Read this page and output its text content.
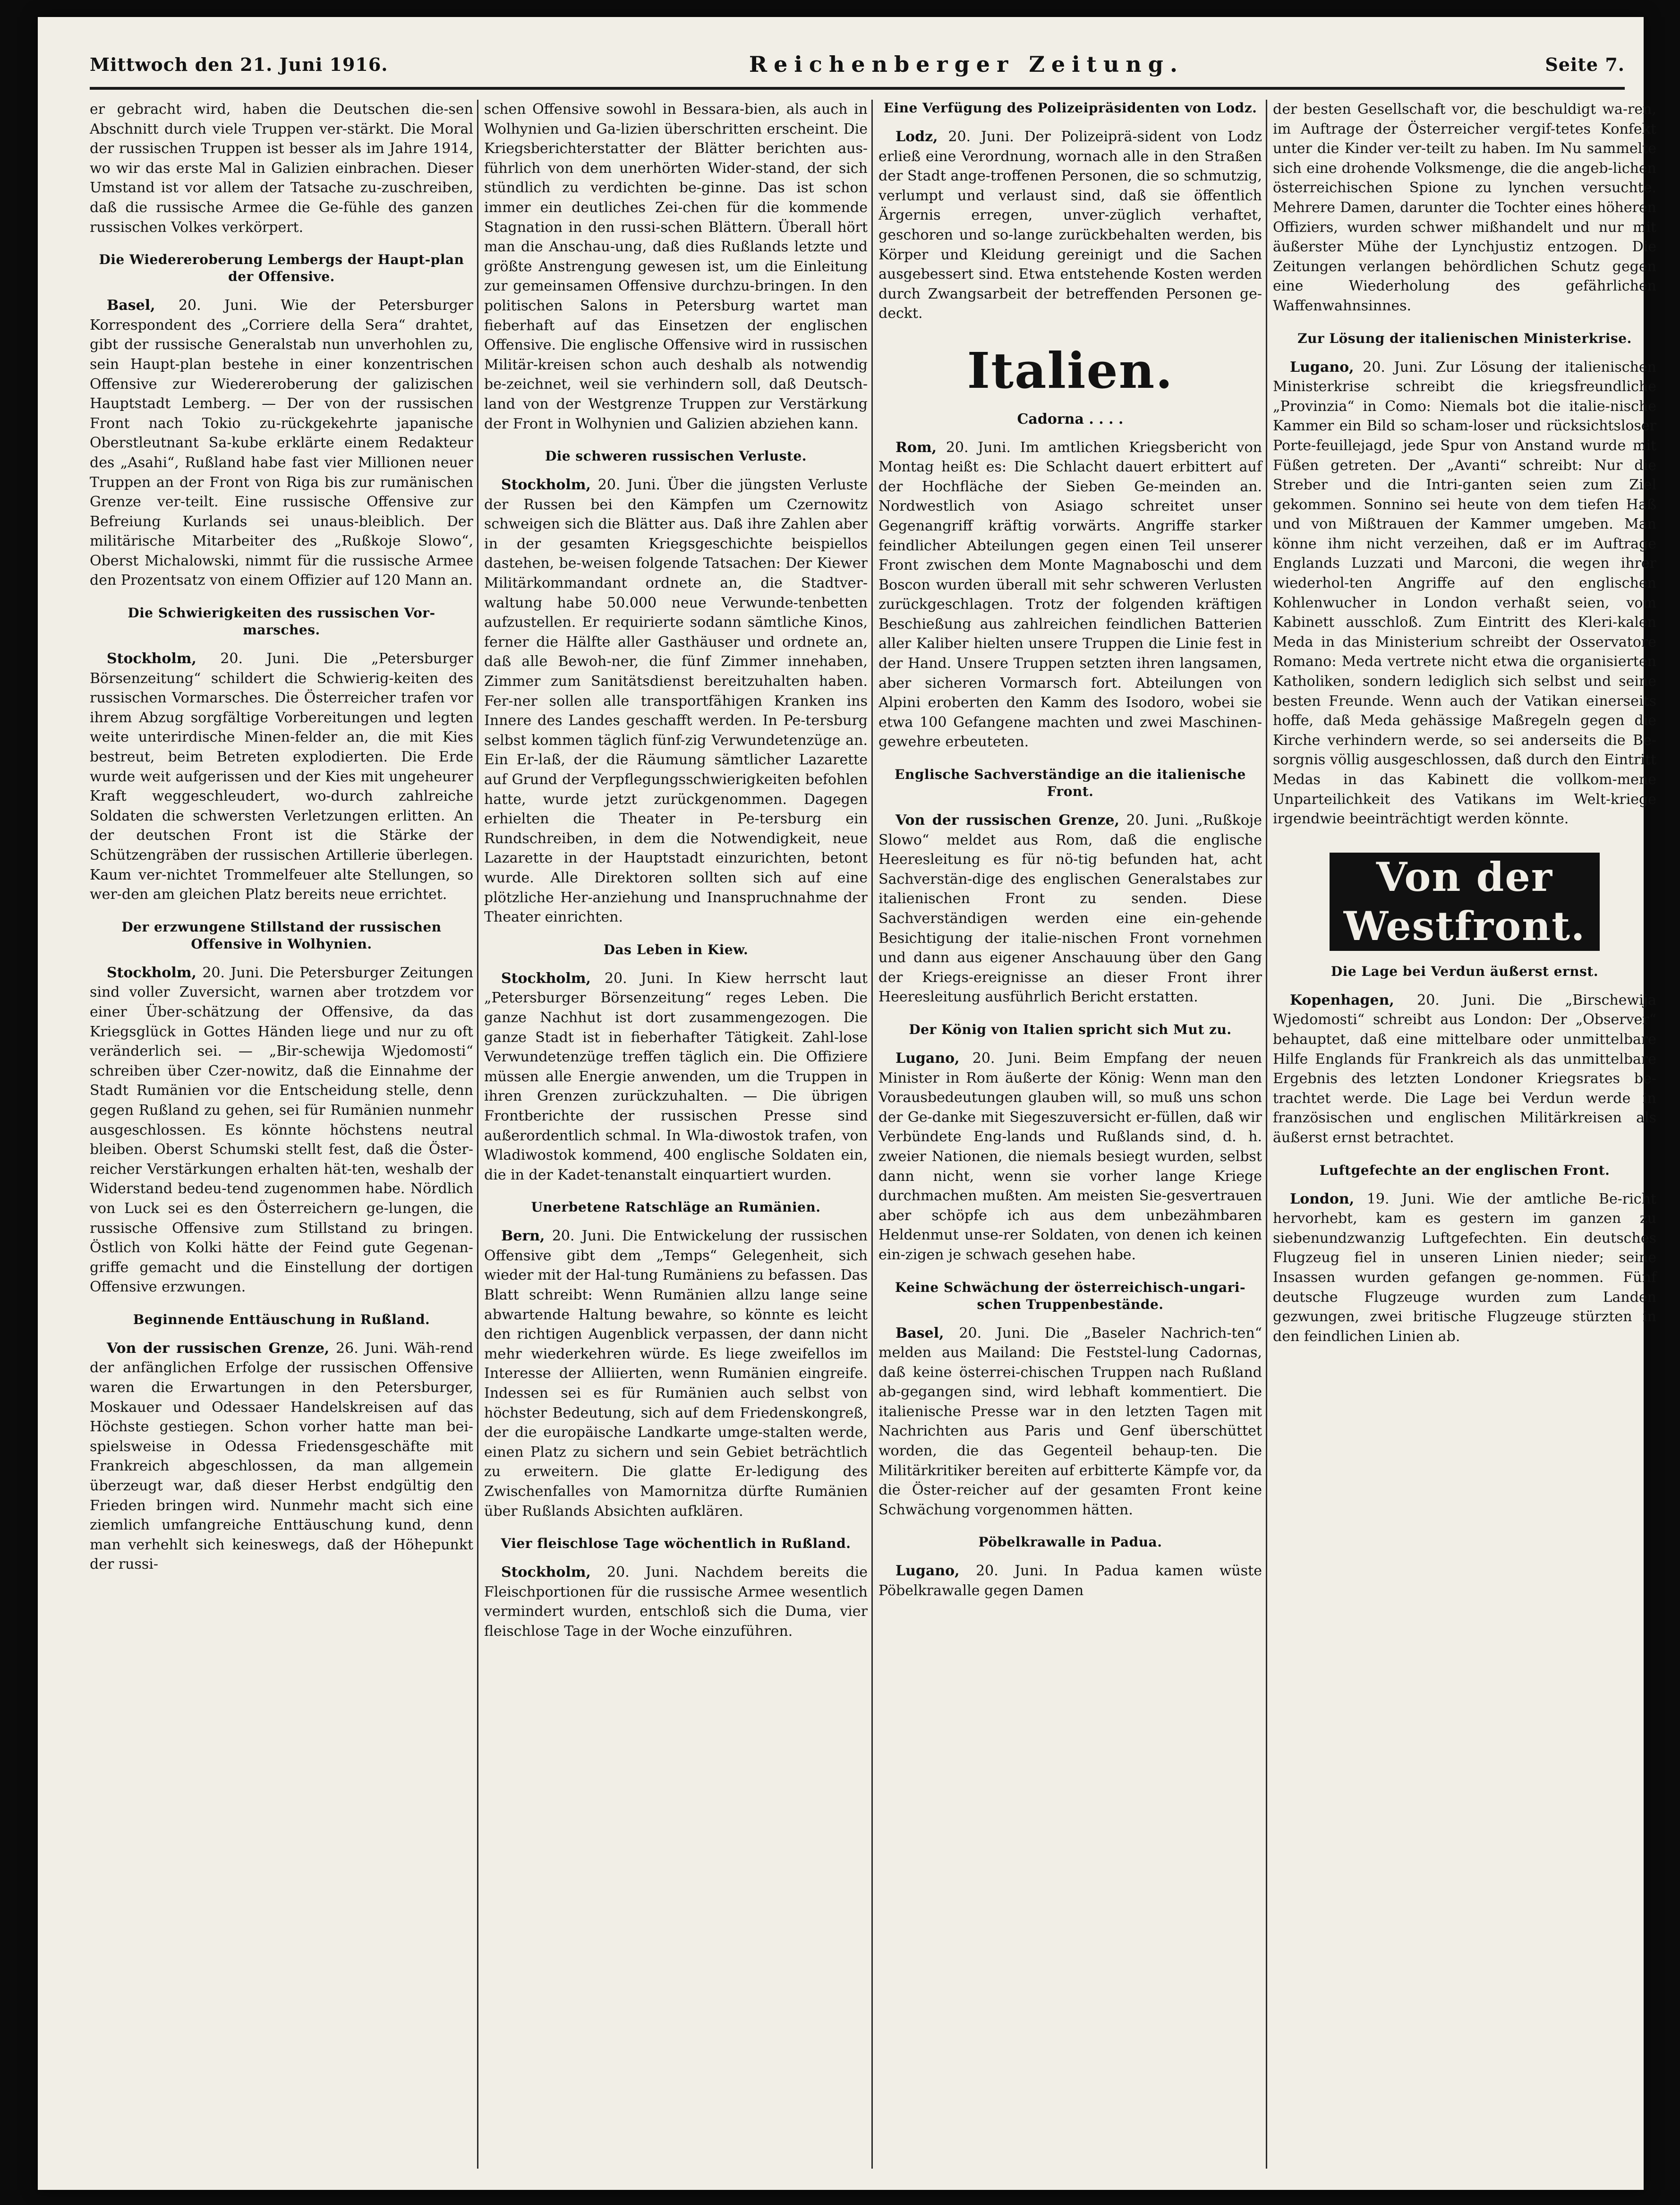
Mittwoch den 21. Juni 1916.	Reichenberger Zeitung.	Seite 7.

er gebracht wird, haben die Deutschen die-sen Abschnitt durch viele Truppen ver-stärkt. Die Moral der russischen Truppen ist besser als im Jahre 1914, wo wir das erste Mal in Galizien einbrachen. Dieser Umstand ist vor allem der Tatsache zu-zuschreiben, daß die russische Armee die Ge-fühle des ganzen russischen Volkes verkörpert.

Die Wiedereroberung Lembergs der Haupt-plan der Offensive.

Basel, 20. Juni. Wie der Petersburger Korrespondent des „Corriere della Sera“ drahtet, gibt der russische Generalstab nun unverhohlen zu, sein Haupt-plan bestehe in einer konzentrischen Offensive zur Wiedereroberung der galizischen Hauptstadt Lemberg. — Der von der russischen Front nach Tokio zu-rückgekehrte japanische Oberstleutnant Sa-kube erklärte einem Redakteur des „Asahi“, Rußland habe fast vier Millionen neuer Truppen an der Front von Riga bis zur rumänischen Grenze ver-teilt. Eine russische Offensive zur Befreiung Kurlands sei unaus-bleiblich. Der militärische Mitarbeiter des „Rußkoje Slowo“, Oberst Michalowski, nimmt für die russische Armee den Prozentsatz von einem Offizier auf 120 Mann an.

Die Schwierigkeiten des russischen Vor-marsches.

Stockholm, 20. Juni. Die „Petersburger Börsenzeitung“ schildert die Schwierig-keiten des russischen Vormarsches. Die Österreicher trafen vor ihrem Abzug sorgfältige Vorbereitungen und legten weite unterirdische Minen-felder an, die mit Kies bestreut, beim Betreten explodierten. Die Erde wurde weit aufgerissen und der Kies mit ungeheurer Kraft weggeschleudert, wo-durch zahlreiche Soldaten die schwersten Verletzungen erlitten. An der deutschen Front ist die Stärke der Schützengräben der russischen Artillerie überlegen. Kaum ver-nichtet Trommelfeuer alte Stellungen, so wer-den am gleichen Platz bereits neue errichtet.

Der erzwungene Stillstand der russischen Offensive in Wolhynien.

Stockholm, 20. Juni. Die Petersburger Zeitungen sind voller Zuversicht, warnen aber trotzdem vor einer Über-schätzung der Offensive, da das Kriegsglück in Gottes Händen liege und nur zu oft veränderlich sei. — „Bir-schewija Wjedomosti“ schreiben über Czer-nowitz, daß die Einnahme der Stadt Rumänien vor die Entscheidung stelle, denn gegen Rußland zu gehen, sei für Rumänien nunmehr ausgeschlossen. Es könnte höchstens neutral bleiben. Oberst Schumski stellt fest, daß die Öster-reicher Verstärkungen erhalten hät-ten, weshalb der Widerstand bedeu-tend zugenommen habe. Nördlich von Luck sei es den Österreichern ge-lungen, die russische Offensive zum Stillstand zu bringen. Östlich von Kolki hätte der Feind gute Gegenan-griffe gemacht und die Einstellung der dortigen Offensive erzwungen.

Beginnende Enttäuschung in Rußland.

Von der russischen Grenze, 26. Juni. Wäh-rend der anfänglichen Erfolge der russischen Offensive waren die Erwartungen in den Petersburger, Moskauer und Odessaer Handelskreisen auf das Höchste gestiegen. Schon vorher hatte man bei-spielsweise in Odessa Friedensgeschäfte mit Frankreich abgeschlossen, da man allgemein überzeugt war, daß dieser Herbst endgültig den Frieden bringen wird. Nunmehr macht sich eine ziemlich umfangreiche Enttäuschung kund, denn man verhehlt sich keineswegs, daß der Höhepunkt der russi-

schen Offensive sowohl in Bessara-bien, als auch in Wolhynien und Ga-lizien überschritten erscheint. Die Kriegsberichterstatter der Blätter berichten aus-führlich von dem unerhörten Wider-stand, der sich stündlich zu verdichten be-ginne. Das ist schon immer ein deutliches Zei-chen für die kommende Stagnation in den russi-schen Blättern. Überall hört man die Anschau-ung, daß dies Rußlands letzte und größte Anstrengung gewesen ist, um die Einleitung zur gemeinsamen Offensive durchzu-bringen. In den politischen Salons in Petersburg wartet man fieberhaft auf das Einsetzen der englischen Offensive. Die englische Offensive wird in russischen Militär-kreisen schon auch deshalb als notwendig be-zeichnet, weil sie verhindern soll, daß Deutsch-land von der Westgrenze Truppen zur Verstärkung der Front in Wolhynien und Galizien abziehen kann.

Die schweren russischen Verluste.

Stockholm, 20. Juni. Über die jüngsten Verluste der Russen bei den Kämpfen um Czernowitz schweigen sich die Blätter aus. Daß ihre Zahlen aber in der gesamten Kriegsgeschichte beispiellos dastehen, be-weisen folgende Tatsachen: Der Kiewer Militärkommandant ordnete an, die Stadtver-waltung habe 50.000 neue Verwunde-tenbetten aufzustellen. Er requirierte sodann sämtliche Kinos, ferner die Hälfte aller Gasthäuser und ordnete an, daß alle Bewoh-ner, die fünf Zimmer innehaben, Zimmer zum Sanitätsdienst bereitzuhalten haben. Fer-ner sollen alle transportfähigen Kranken ins Innere des Landes geschafft werden. In Pe-tersburg selbst kommen täglich fünf-zig Verwundetenzüge an. Ein Er-laß, der die Räumung sämtlicher Lazarette auf Grund der Verpflegungsschwierigkeiten befohlen hatte, wurde jetzt zurückgenommen. Dagegen erhielten die Theater in Pe-tersburg ein Rundschreiben, in dem die Notwendigkeit, neue Lazarette in der Hauptstadt einzurichten, betont wurde. Alle Direktoren sollten sich auf eine plötzliche Her-anziehung und Inanspruchnahme der Theater einrichten.

Das Leben in Kiew.

Stockholm, 20. Juni. In Kiew herrscht laut „Petersburger Börsenzeitung“ reges Leben. Die ganze Nachhut ist dort zusammengezogen. Die ganze Stadt ist in fieberhafter Tätigkeit. Zahl-lose Verwundetenzüge treffen täglich ein. Die Offiziere müssen alle Energie anwenden, um die Truppen in ihren Grenzen zurückzuhalten. — Die übrigen Frontberichte der russischen Presse sind außerordentlich schmal. In Wla-diwostok trafen, von Wladiwostok kommend, 400 englische Soldaten ein, die in der Kadet-tenanstalt einquartiert wurden.

Unerbetene Ratschläge an Rumänien.

Bern, 20. Juni. Die Entwickelung der russischen Offensive gibt dem „Temps“ Gelegenheit, sich wieder mit der Hal-tung Rumäniens zu befassen. Das Blatt schreibt: Wenn Rumänien allzu lange seine abwartende Haltung bewahre, so könnte es leicht den richtigen Augenblick verpassen, der dann nicht mehr wiederkehren würde. Es liege zweifellos im Interesse der Alliierten, wenn Rumänien eingreife. Indessen sei es für Rumänien auch selbst von höchster Bedeutung, sich auf dem Friedenskongreß, der die europäische Landkarte umge-stalten werde, einen Platz zu sichern und sein Gebiet beträchtlich zu erweitern. Die glatte Er-ledigung des Zwischenfalles von Mamornitza dürfte Rumänien über Rußlands Absichten aufklären.

Vier fleischlose Tage wöchentlich in Rußland.

Stockholm, 20. Juni. Nachdem bereits die Fleischportionen für die russische Armee wesentlich vermindert wurden, entschloß sich die Duma, vier fleischlose Tage in der Woche einzuführen.

Eine Verfügung des Polizeipräsidenten von Lodz.

Lodz, 20. Juni. Der Polizeiprä-sident von Lodz erließ eine Verordnung, wornach alle in den Straßen der Stadt ange-troffenen Personen, die so schmutzig, verlumpt und verlaust sind, daß sie öffentlich Ärgernis erregen, unver-züglich verhaftet, geschoren und so-lange zurückbehalten werden, bis Körper und Kleidung gereinigt und die Sachen ausgebessert sind. Etwa entstehende Kosten werden durch Zwangsarbeit der betreffenden Personen ge-deckt.

Italien.
Cadorna . . . .

Rom, 20. Juni. Im amtlichen Kriegsbericht von Montag heißt es: Die Schlacht dauert erbittert auf der Hochfläche der Sieben Ge-meinden an. Nordwestlich von Asiago schreitet unser Gegenangriff kräftig vorwärts. Angriffe starker feindlicher Abteilungen gegen einen Teil unserer Front zwischen dem Monte Magnaboschi und dem Boscon wurden überall mit sehr schweren Verlusten zurückgeschlagen. Trotz der folgenden kräftigen Beschießung aus zahlreichen feindlichen Batterien aller Kaliber hielten unsere Truppen die Linie fest in der Hand. Unsere Truppen setzten ihren langsamen, aber sicheren Vormarsch fort. Abteilungen von Alpini eroberten den Kamm des Isodoro, wobei sie etwa 100 Gefangene machten und zwei Maschinen-gewehre erbeuteten.

Englische Sachverständige an die italienische Front.

Von der russischen Grenze, 20. Juni. „Rußkoje Slowo“ meldet aus Rom, daß die englische Heeresleitung es für nö-tig befunden hat, acht Sachverstän-dige des englischen Generalstabes zur italienischen Front zu senden. Diese Sachverständigen werden eine ein-gehende Besichtigung der italie-nischen Front vornehmen und dann aus eigener Anschauung über den Gang der Kriegs-ereignisse an dieser Front ihrer Heeresleitung ausführlich Bericht erstatten.

Der König von Italien spricht sich Mut zu.

Lugano, 20. Juni. Beim Empfang der neuen Minister in Rom äußerte der König: Wenn man den Vorausbedeutungen glauben will, so muß uns schon der Ge-danke mit Siegeszuversicht er-füllen, daß wir Verbündete Eng-lands und Rußlands sind, d. h. zweier Nationen, die niemals besiegt wurden, selbst dann nicht, wenn sie vorher lange Kriege durchmachen mußten. Am meisten Sie-gesvertrauen aber schöpfe ich aus dem unbezähmbaren Heldenmut unse-rer Soldaten, von denen ich keinen ein-zigen je schwach gesehen habe.

Keine Schwächung der österreichisch-ungari-schen Truppenbestände.

Basel, 20. Juni. Die „Baseler Nachrich-ten“ melden aus Mailand: Die Feststel-lung Cadornas, daß keine österrei-chischen Truppen nach Rußland ab-gegangen sind, wird lebhaft kommentiert. Die italienische Presse war in den letzten Tagen mit Nachrichten aus Paris und Genf überschüttet worden, die das Gegenteil behaup-ten. Die Militärkritiker bereiten auf erbitterte Kämpfe vor, da die Öster-reicher auf der gesamten Front keine Schwächung vorgenommen hätten.

Pöbelkrawalle in Padua.

Lugano, 20. Juni. In Padua kamen wüste Pöbelkrawalle gegen Damen

der besten Gesellschaft vor, die beschuldigt wa-ren, im Auftrage der Österreicher vergif-tetes Konfekt unter die Kinder ver-teilt zu haben. Im Nu sammelte sich eine drohende Volksmenge, die die angeb-lichen österreichischen Spione zu lynchen versuchte. Mehrere Damen, darunter die Tochter eines höheren Offiziers, wurden schwer mißhandelt und nur mit äußerster Mühe der Lynchjustiz entzogen. Die Zeitungen verlangen behördlichen Schutz gegen eine Wiederholung des gefährlichen Waffenwahnsinnes.

Zur Lösung der italienischen Ministerkrise.

Lugano, 20. Juni. Zur Lösung der italienischen Ministerkrise schreibt die kriegsfreundliche „Provinzia“ in Como: Niemals bot die italie-nische Kammer ein Bild so scham-loser und rücksichtsloser Porte-feuillejagd, jede Spur von Anstand wurde mit Füßen getreten. Der „Avanti“ schreibt: Nur die Streber und die Intri-ganten seien zum Ziel gekommen. Sonnino sei heute von dem tiefen Haß und von Mißtrauen der Kammer umgeben. Man könne ihm nicht verzeihen, daß er im Auftrage Englands Luzzati und Marconi, die wegen ihrer wiederhol-ten Angriffe auf den englischen Kohlenwucher in London verhaßt seien, vom Kabinett ausschloß. Zum Eintritt des Kleri-kalen Meda in das Ministerium schreibt der Osservatore Romano: Meda vertrete nicht etwa die organisierten Katholiken, sondern lediglich sich selbst und seine besten Freunde. Wenn auch der Vatikan einerseits hoffe, daß Meda gehässige Maßregeln gegen die Kirche verhindern werde, so sei anderseits die Be-sorgnis völlig ausgeschlossen, daß durch den Eintritt Medas in das Kabinett die vollkom-mene Unparteilichkeit des Vatikans im Welt-kriege irgendwie beeinträchtigt werden könnte.

Von der Westfront.
Die Lage bei Verdun äußerst ernst.

Kopenhagen, 20. Juni. Die „Birschewija Wjedomosti“ schreibt aus London: Der „Observer“ behauptet, daß eine mittelbare oder unmittelbare Hilfe Englands für Frankreich als das unmittelbare Ergebnis des letzten Londoner Kriegsrates be-trachtet werde. Die Lage bei Verdun werde in französischen und englischen Militärkreisen als äußerst ernst betrachtet.

Luftgefechte an der englischen Front.

London, 19. Juni. Wie der amtliche Be-richt hervorhebt, kam es gestern im ganzen zu siebenundzwanzig Luftgefechten. Ein deutsches Flugzeug fiel in unseren Linien nieder; seine Insassen wurden gefangen ge-nommen. Fünf deutsche Flugzeuge wurden zum Landen gezwungen, zwei britische Flugzeuge stürzten in den feindlichen Linien ab.
